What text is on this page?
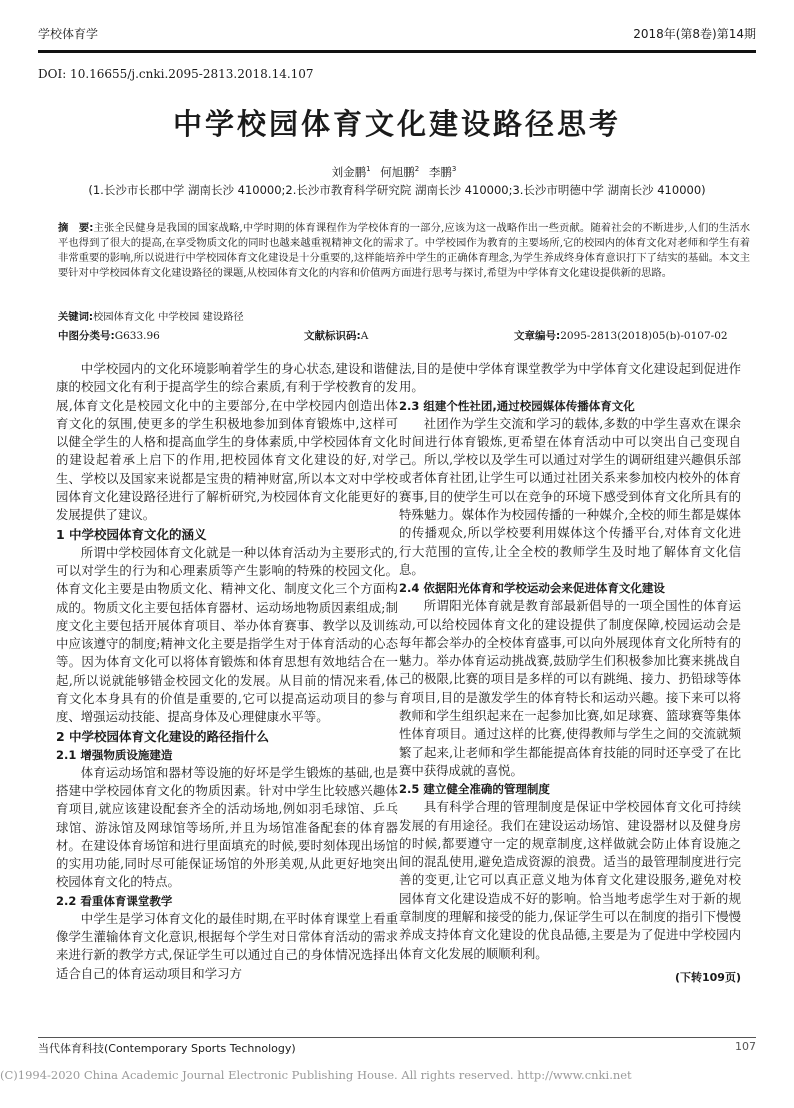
学校体育学	2018年(第8卷)第14期
DOI: 10.16655/j.cnki.2095-2813.2018.14.107
中学校园体育文化建设路径思考
刘金鹏$^1$ 何旭鹏$^2$ 李鹏$^3$
(1.长沙市长郡中学 湖南长沙 410000;2.长沙市教育科学研究院 湖南长沙 410000;3.长沙市明德中学 湖南长沙 410000)
摘　要:主张全民健身是我国的国家战略,中学时期的体育课程作为学校体育的一部分,应该为这一战略作出一些贡献。随着社会的不断进步,人们的生活水平也得到了很大的提高,在享受物质文化的同时也越来越重视精神文化的需求了。中学校园作为教育的主要场所,它的校园内的体育文化对老师和学生有着非常重要的影响,所以说进行中学校园体育文化建设是十分重要的,这样能培养中学生的正确体育理念,为学生养成终身体育意识打下了结实的基础。本文主要针对中学校园体育文化建设路径的课题,从校园体育文化的内容和价值两方面进行思考与探讨,希望为中学体育文化建设提供新的思路。
关键词:校园体育文化 中学校园 建设路径
中图分类号:G633.96	文献标识码:A	文章编号:2095-2813(2018)05(b)-0107-02

中学校园内的文化环境影响着学生的身心状态,建设和谐健康的校园文化有利于提高学生的综合素质,有利于学校教育的发展,体育文化是校园文化中的主要部分,在中学校园内创造出体育文化的氛围,使更多的学生积极地参加到体育锻炼中,这样可以健全学生的人格和提高血学生的身体素质,中学校园体育文化的建设起着承上启下的作用,把校园体育文化建设的好,对学生、学校以及国家来说都是宝贵的精神财富,所以本文对中学校园体育文化建设路径进行了解析研究,为校园体育文化能更好的发展提供了建议。

1 中学校园体育文化的涵义

所谓中学校园体育文化就是一种以体育活动为主要形式的,可以对学生的行为和心理素质等产生影响的特殊的校园文化。体育文化主要是由物质文化、精神文化、制度文化三个方面构成的。物质文化主要包括体育器材、运动场地物质因素组成;制度文化主要包括开展体育项目、举办体育赛事、教学以及训练中应该遵守的制度;精神文化主要是指学生对于体育活动的心态等。因为体育文化可以将体育锻炼和体育思想有效地结合在一起,所以说就能够错金校园文化的发展。从目前的情况来看,体育文化本身具有的价值是重要的,它可以提高运动项目的参与度、增强运动技能、提高身体及心理健康水平等。

2 中学校园体育文化建设的路径指什么
2.1 增强物质设施建造

体育运动场馆和器材等设施的好坏是学生锻炼的基础,也是搭建中学校园体育文化的物质因素。针对中学生比较感兴趣体育项目,就应该建设配套齐全的活动场地,例如羽毛球馆、乒乓球馆、游泳馆及网球馆等场所,并且为场馆准备配套的体育器材。在建设体育场馆和进行里面填充的时候,要时刻体现出场馆的实用功能,同时尽可能保证场馆的外形美观,从此更好地突出校园体育文化的特点。

2.2 看重体育课堂教学

中学生是学习体育文化的最佳时期,在平时体育课堂上看重像学生灌输体育文化意识,根据每个学生对日常体育活动的需求来进行新的教学方式,保证学生可以通过自己的身体情况选择出适合自己的体育运动项目和学习方

法,目的是使中学体育课堂教学为中学体育文化建设起到促进作用。

2.3 组建个性社团,通过校园媒体传播体育文化

社团作为学生交流和学习的载体,多数的中学生喜欢在课余时间进行体育锻炼,更希望在体育活动中可以突出自己变现自己。所以,学校以及学生可以通过对学生的调研组建兴趣俱乐部或者体育社团,让学生可以通过社团关系来参加校内校外的体育赛事,目的使学生可以在竞争的环境下感受到体育文化所具有的特殊魅力。媒体作为校园传播的一种媒介,全校的师生都是媒体的传播观众,所以学校要利用媒体这个传播平台,对体育文化进行大范围的宣传,让全全校的教师学生及时地了解体育文化信息。

2.4 依据阳光体育和学校运动会来促进体育文化建设

所谓阳光体育就是教育部最新倡导的一项全国性的体育运动,可以给校园体育文化的建设提供了制度保障,校园运动会是每年都会举办的全校体育盛事,可以向外展现体育文化所特有的魅力。举办体育运动挑战赛,鼓励学生们积极参加比赛来挑战自己的极限,比赛的项目是多样的可以有跳绳、接力、扔铅球等体育项目,目的是激发学生的体育特长和运动兴趣。接下来可以将教师和学生组织起来在一起参加比赛,如足球赛、篮球赛等集体性体育项目。通过这样的比赛,使得教师与学生之间的交流就频繁了起来,让老师和学生都能提高体育技能的同时还享受了在比赛中获得成就的喜悦。

2.5 建立健全准确的管理制度

具有科学合理的管理制度是保证中学校园体育文化可持续发展的有用途径。我们在建设运动场馆、建设器材以及健身房的时候,都要遵守一定的规章制度,这样做就会防止体育设施之间的混乱使用,避免造成资源的浪费。适当的最管理制度进行完善的变更,让它可以真正意义地为体育文化建设服务,避免对校园体育文化建设造成不好的影响。恰当地考虑学生对于新的规章制度的理解和接受的能力,保证学生可以在制度的指引下慢慢养成支持体育文化建设的优良品德,主要是为了促进中学校园内体育文化发展的顺顺利利。

(下转109页)
当代体育科技(Contemporary Sports Technology)	107
(C)1994-2020 China Academic Journal Electronic Publishing House. All rights reserved. http://www.cnki.net
